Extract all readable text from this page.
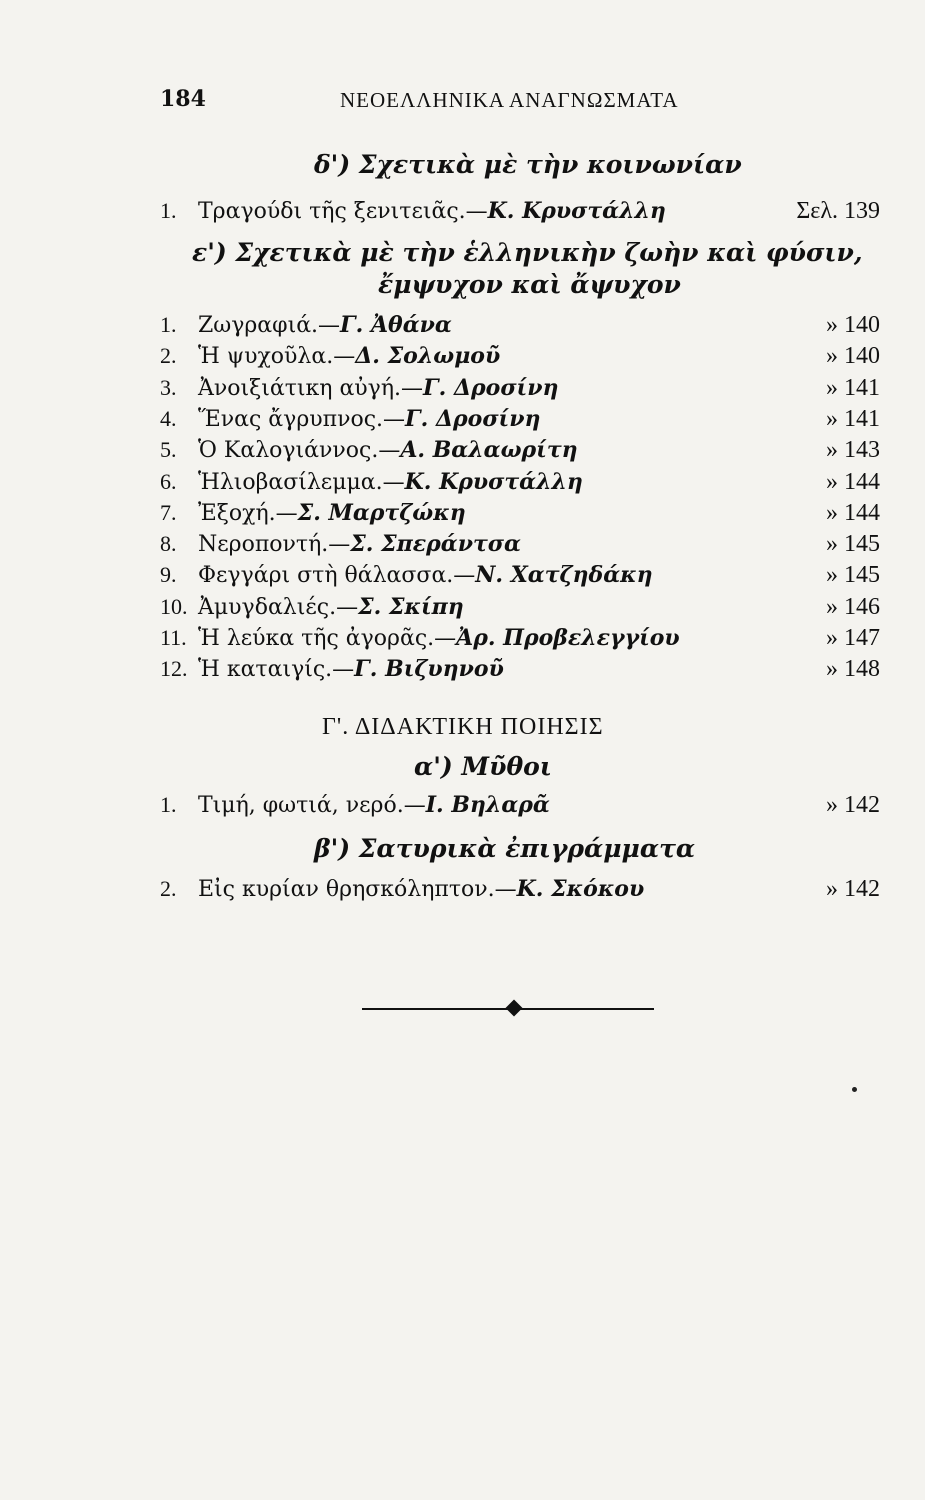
184	ΝΕΟΕΛΛΗΝΙΚΑ ΑΝΑΓΝΩΣΜΑΤΑ
δ') Σχετικὰ μὲ τὴν κοινωνίαν
1. Τραγούδι τῆς ξενιτειᾶς.—Κ. Κρυστάλλη	Σελ. 139
ε') Σχετικὰ μὲ τὴν ἑλληνικὴν ζωὴν καὶ φύσιν,
ἔμψυχον καὶ ἄψυχον
1. Ζωγραφιά.—Γ. Ἀθάνα	» 140
2. Ἡ ψυχοῦλα.—Δ. Σολωμοῦ	» 140
3. Ἀνοιξιάτικη αὐγή.—Γ. Δροσίνη	» 141
4. Ἕνας ἄγρυπνος.—Γ. Δροσίνη	» 141
5. Ὁ Καλογιάννος.—Α. Βαλαωρίτη	» 143
6. Ἡλιοβασίλεμμα.—Κ. Κρυστάλλη	» 144
7. Ἐξοχή.—Σ. Μαρτζώκη	» 144
8. Νεροποντή.—Σ. Σπεράντσα	» 145
9. Φεγγάρι στὴ θάλασσα.—Ν. Χατζηδάκη	» 145
10. Ἀμυγδαλιές.—Σ. Σκίπη	» 146
11. Ἡ λεύκα τῆς ἀγορᾶς.—Ἀρ. Προβελεγγίου	» 147
12. Ἡ καταιγίς.—Γ. Βιζυηνοῦ	» 148
Γ'. ΔΙΔΑΚΤΙΚΗ ΠΟΙΗΣΙΣ
α') Μῦθοι
1. Τιμή, φωτιά, νερό.—Ι. Βηλαρᾶ	» 142
β') Σατυρικὰ ἐπιγράμματα
2. Εἰς κυρίαν θρησκόληπτον.—Κ. Σκόκου	» 142
